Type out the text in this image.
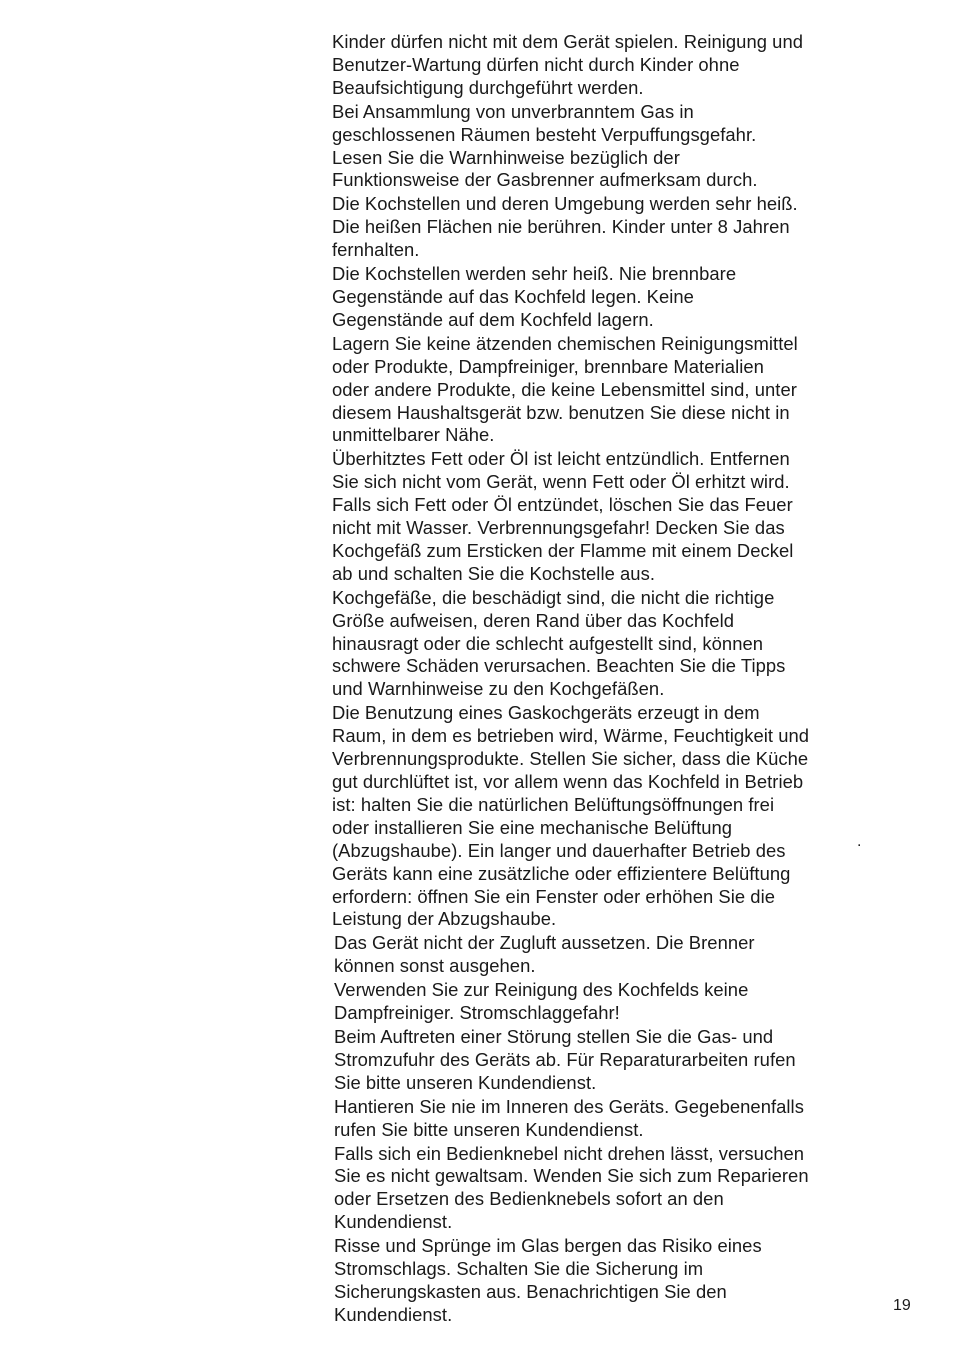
Kinder dürfen nicht mit dem Gerät spielen. Reinigung und
Benutzer-Wartung dürfen nicht durch Kinder ohne
Beaufsichtigung durchgeführt werden.

Bei Ansammlung von unverbranntem Gas in
geschlossenen Räumen besteht Verpuffungsgefahr.
Lesen Sie die Warnhinweise bezüglich der
Funktionsweise der Gasbrenner aufmerksam durch.

Die Kochstellen und deren Umgebung werden sehr heiß.
Die heißen Flächen nie berühren. Kinder unter 8 Jahren
fernhalten.

Die Kochstellen werden sehr heiß. Nie brennbare
Gegenstände auf das Kochfeld legen. Keine
Gegenstände auf dem Kochfeld lagern.

Lagern Sie keine ätzenden chemischen Reinigungsmittel
oder Produkte, Dampfreiniger, brennbare Materialien
oder andere Produkte, die keine Lebensmittel sind, unter
diesem Haushaltsgerät bzw. benutzen Sie diese nicht in
unmittelbarer Nähe.

Überhitztes Fett oder Öl ist leicht entzündlich. Entfernen
Sie sich nicht vom Gerät, wenn Fett oder Öl erhitzt wird.
Falls sich Fett oder Öl entzündet, löschen Sie das Feuer
nicht mit Wasser. Verbrennungsgefahr! Decken Sie das
Kochgefäß zum Ersticken der Flamme mit einem Deckel
ab und schalten Sie die Kochstelle aus.

Kochgefäße, die beschädigt sind, die nicht die richtige
Größe aufweisen, deren Rand über das Kochfeld
hinausragt oder die schlecht aufgestellt sind, können
schwere Schäden verursachen. Beachten Sie die Tipps
und Warnhinweise zu den Kochgefäßen.

Die Benutzung eines Gaskochgeräts erzeugt in dem
Raum, in dem es betrieben wird, Wärme, Feuchtigkeit und
Verbrennungsprodukte. Stellen Sie sicher, dass die Küche
gut durchlüftet ist, vor allem wenn das Kochfeld in Betrieb
ist: halten Sie die natürlichen Belüftungsöffnungen frei
oder installieren Sie eine mechanische Belüftung
(Abzugshaube). Ein langer und dauerhafter Betrieb des
Geräts kann eine zusätzliche oder effizientere Belüftung
erfordern: öffnen Sie ein Fenster oder erhöhen Sie die
Leistung der Abzugshaube.

Das Gerät nicht der Zugluft aussetzen. Die Brenner
können sonst ausgehen.

Verwenden Sie zur Reinigung des Kochfelds keine
Dampfreiniger. Stromschlaggefahr!

Beim Auftreten einer Störung stellen Sie die Gas- und
Stromzufuhr des Geräts ab. Für Reparaturarbeiten rufen
Sie bitte unseren Kundendienst.

Hantieren Sie nie im Inneren des Geräts. Gegebenenfalls
rufen Sie bitte unseren Kundendienst.

Falls sich ein Bedienknebel nicht drehen lässt, versuchen
Sie es nicht gewaltsam. Wenden Sie sich zum Reparieren
oder Ersetzen des Bedienknebels sofort an den
Kundendienst.

Risse und Sprünge im Glas bergen das Risiko eines
Stromschlags. Schalten Sie die Sicherung im
Sicherungskasten aus. Benachrichtigen Sie den
Kundendienst.

.
19
